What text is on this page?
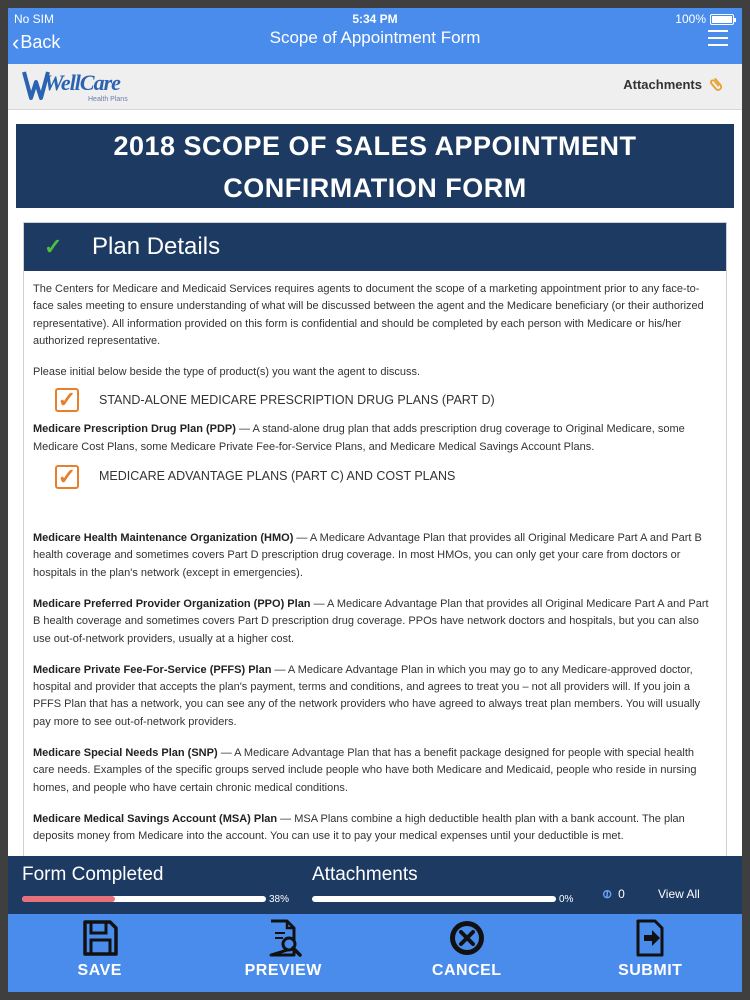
No SIM	5:34 PM	100%
‹ Back	Scope of Appointment Form
WellCare
Health Plans
Attachments
2018 SCOPE OF SALES APPOINTMENT
CONFIRMATION FORM
✓	Plan Details

The Centers for Medicare and Medicaid Services requires agents to document the scope of a marketing appointment prior to any face-to-face sales meeting to ensure understanding of what will be discussed between the agent and the Medicare beneficiary (or their authorized representative). All information provided on this form is confidential and should be completed by each person with Medicare or his/her authorized representative.

Please initial below beside the type of product(s) you want the agent to discuss.

✓ STAND-ALONE MEDICARE PRESCRIPTION DRUG PLANS (PART D)

Medicare Prescription Drug Plan (PDP) — A stand-alone drug plan that adds prescription drug coverage to Original Medicare, some Medicare Cost Plans, some Medicare Private Fee-for-Service Plans, and Medicare Medical Savings Account Plans.

✓ MEDICARE ADVANTAGE PLANS (PART C) AND COST PLANS

Medicare Health Maintenance Organization (HMO) — A Medicare Advantage Plan that provides all Original Medicare Part A and Part B health coverage and sometimes covers Part D prescription drug coverage. In most HMOs, you can only get your care from doctors or hospitals in the plan's network (except in emergencies).

Medicare Preferred Provider Organization (PPO) Plan — A Medicare Advantage Plan that provides all Original Medicare Part A and Part B health coverage and sometimes covers Part D prescription drug coverage. PPOs have network doctors and hospitals, but you can also use out-of-network providers, usually at a higher cost.

Medicare Private Fee-For-Service (PFFS) Plan — A Medicare Advantage Plan in which you may go to any Medicare-approved doctor, hospital and provider that accepts the plan's payment, terms and conditions, and agrees to treat you – not all providers will. If you join a PFFS Plan that has a network, you can see any of the network providers who have agreed to always treat plan members. You will usually pay more to see out-of-network providers.

Medicare Special Needs Plan (SNP) — A Medicare Advantage Plan that has a benefit package designed for people with special health care needs. Examples of the specific groups served include people who have both Medicare and Medicaid, people who reside in nursing homes, and people who have certain chronic medical conditions.

Medicare Medical Savings Account (MSA) Plan — MSA Plans combine a high deductible health plan with a bank account. The plan deposits money from Medicare into the account. You can use it to pay your medical expenses until your deductible is met.

Form Completed
38%
Attachments
0% ⊘ 0	View All
SAVE	PREVIEW	CANCEL	SUBMIT
